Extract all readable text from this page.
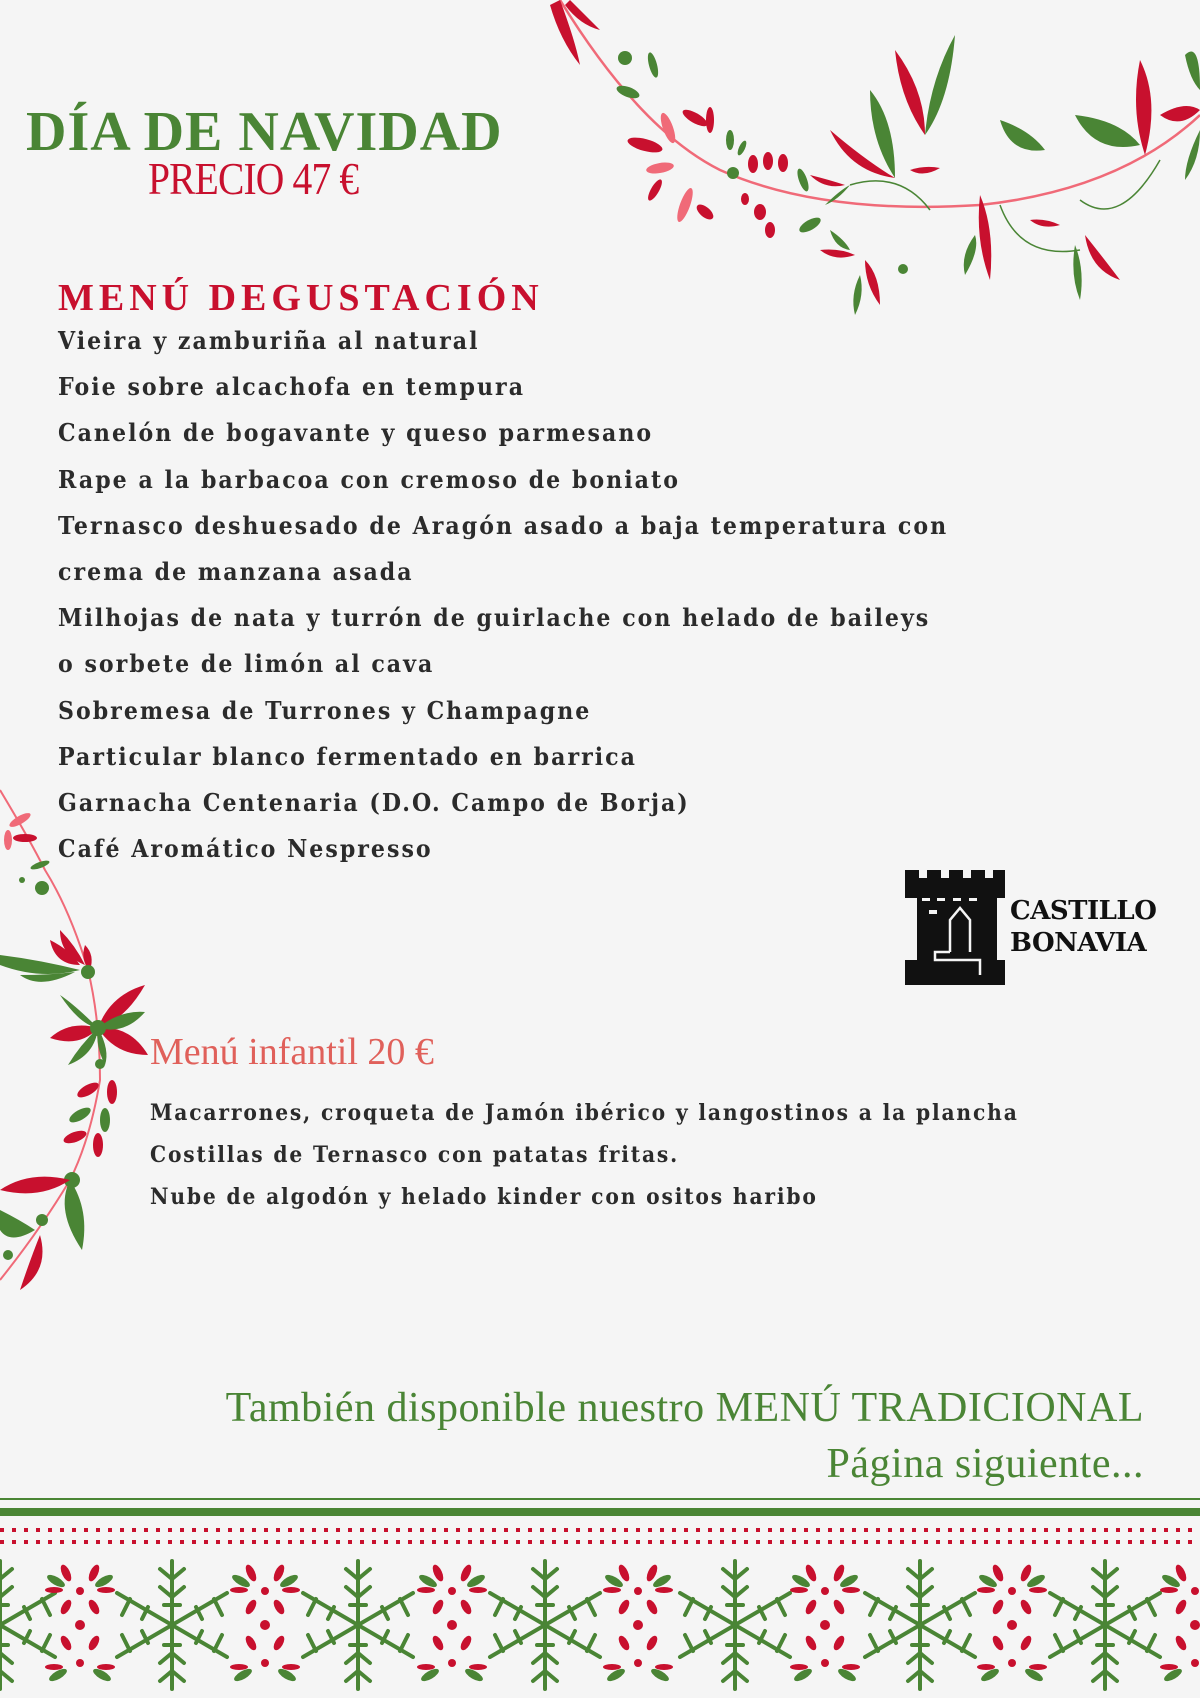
DÍA DE NAVIDAD
PRECIO 47 €
MENÚ DEGUSTACIÓN
Vieira y zamburiña al natural
Foie sobre alcachofa en tempura
Canelón de bogavante y queso parmesano
Rape a la barbacoa con cremoso de boniato
Ternasco deshuesado de Aragón asado a baja temperatura con
crema de manzana asada
Milhojas de nata y turrón de guirlache con helado de baileys
o sorbete de limón al cava
Sobremesa de Turrones y Champagne
Particular blanco fermentado en barrica
Garnacha Centenaria (D.O. Campo de Borja)
Café Aromático Nespresso
CASTILLO
BONAVIA
Menú infantil 20 €
Macarrones, croqueta de Jamón ibérico y langostinos a la plancha
Costillas de Ternasco con patatas fritas.
Nube de algodón y helado kinder con ositos haribo
También disponible nuestro MENÚ TRADICIONAL
Página siguiente...
